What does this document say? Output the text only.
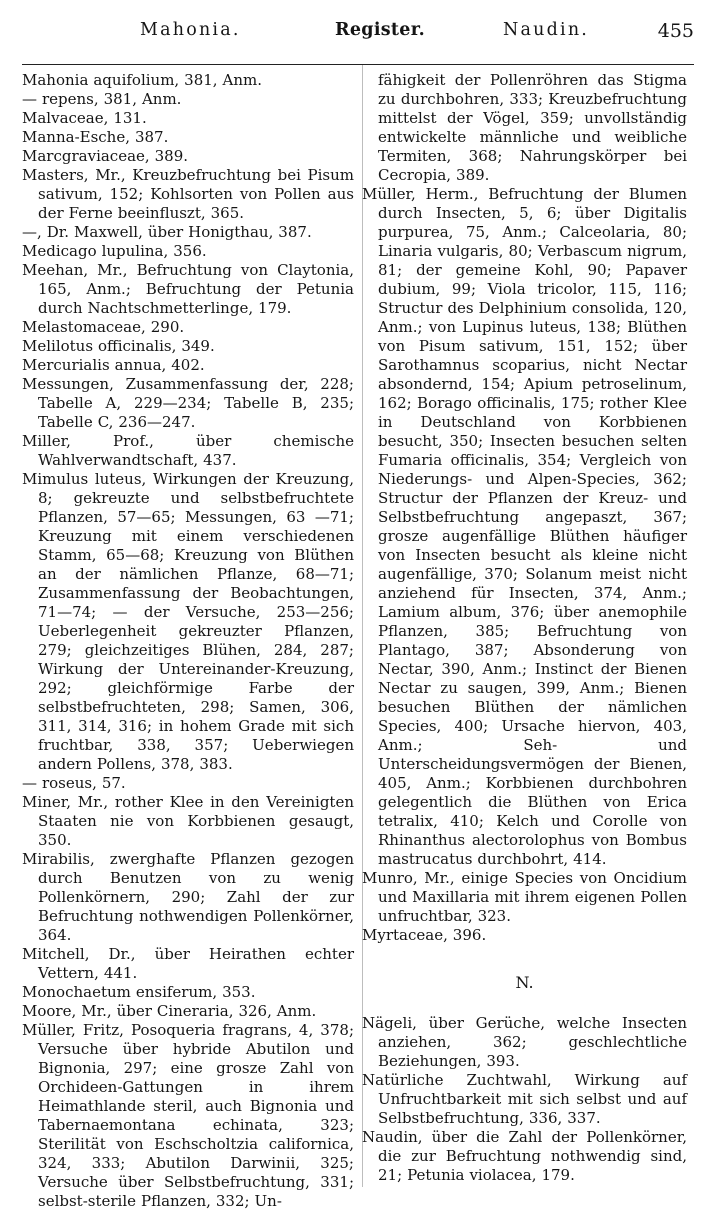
Mahonia.	Register.	Naudin.	455

Mahonia aquifolium, 381, Anm.

— repens, 381, Anm.

Malvaceae, 131.

Manna-Esche, 387.

Marcgraviaceae, 389.

Masters, Mr., Kreuzbefruchtung bei Pisum sativum, 152; Kohlsorten von Pollen aus der Ferne beeinfluszt, 365.

—, Dr. Maxwell, über Honigthau, 387.

Medicago lupulina, 356.

Meehan, Mr., Befruchtung von Claytonia, 165, Anm.; Befruchtung der Petunia durch Nachtschmetterlinge, 179.

Melastomaceae, 290.

Melilotus officinalis, 349.

Mercurialis annua, 402.

Messungen, Zusammenfassung der, 228; Tabelle A, 229—234; Tabelle B, 235; Tabelle C, 236—247.

Miller, Prof., über chemische Wahlverwandtschaft, 437.

Mimulus luteus, Wirkungen der Kreuzung, 8; gekreuzte und selbstbefruchtete Pflanzen, 57—65; Messungen, 63 —71; Kreuzung mit einem verschiedenen Stamm, 65—68; Kreuzung von Blüthen an der nämlichen Pflanze, 68—71; Zusammenfassung der Beobachtungen, 71—74; — der Versuche, 253—256; Ueberlegenheit gekreuzter Pflanzen, 279; gleichzeitiges Blühen, 284, 287; Wirkung der Untereinander-Kreuzung, 292; gleichförmige Farbe der selbstbefruchteten, 298; Samen, 306, 311, 314, 316; in hohem Grade mit sich fruchtbar, 338, 357; Ueberwiegen andern Pollens, 378, 383.

— roseus, 57.

Miner, Mr., rother Klee in den Vereinigten Staaten nie von Korbbienen gesaugt, 350.

Mirabilis, zwerghafte Pflanzen gezogen durch Benutzen von zu wenig Pollenkörnern, 290; Zahl der zur Befruchtung nothwendigen Pollenkörner, 364.

Mitchell, Dr., über Heirathen echter Vettern, 441.

Monochaetum ensiferum, 353.

Moore, Mr., über Cineraria, 326, Anm.

Müller, Fritz, Posoqueria fragrans, 4, 378; Versuche über hybride Abutilon und Bignonia, 297; eine grosze Zahl von Orchideen-Gattungen in ihrem Heimathlande steril, auch Bignonia und Tabernaemontana echinata, 323; Sterilität von Eschscholtzia californica, 324, 333; Abutilon Darwinii, 325; Versuche über Selbstbefruchtung, 331; selbst-sterile Pflanzen, 332; Un-

fähigkeit der Pollenröhren das Stigma zu durchbohren, 333; Kreuzbefruchtung mittelst der Vögel, 359; unvollständig entwickelte männliche und weibliche Termiten, 368; Nahrungskörper bei Cecropia, 389.

Müller, Herm., Befruchtung der Blumen durch Insecten, 5, 6; über Digitalis purpurea, 75, Anm.; Calceolaria, 80; Linaria vulgaris, 80; Verbascum nigrum, 81; der gemeine Kohl, 90; Papaver dubium, 99; Viola tricolor, 115, 116; Structur des Delphinium consolida, 120, Anm.; von Lupinus luteus, 138; Blüthen von Pisum sativum, 151, 152; über Sarothamnus scoparius, nicht Nectar absondernd, 154; Apium petroselinum, 162; Borago officinalis, 175; rother Klee in Deutschland von Korbbienen besucht, 350; Insecten besuchen selten Fumaria officinalis, 354; Vergleich von Niederungs- und Alpen-Species, 362; Structur der Pflanzen der Kreuz- und Selbstbefruchtung angepaszt, 367; grosze augenfällige Blüthen häufiger von Insecten besucht als kleine nicht augenfällige, 370; Solanum meist nicht anziehend für Insecten, 374, Anm.; Lamium album, 376; über anemophile Pflanzen, 385; Befruchtung von Plantago, 387; Absonderung von Nectar, 390, Anm.; Instinct der Bienen Nectar zu saugen, 399, Anm.; Bienen besuchen Blüthen der nämlichen Species, 400; Ursache hiervon, 403, Anm.; Seh- und Unterscheidungsvermögen der Bienen, 405, Anm.; Korbbienen durchbohren gelegentlich die Blüthen von Erica tetralix, 410; Kelch und Corolle von Rhinanthus alectorolophus von Bombus mastrucatus durchbohrt, 414.

Munro, Mr., einige Species von Oncidium und Maxillaria mit ihrem eigenen Pollen unfruchtbar, 323.

Myrtaceae, 396.

N.

Nägeli, über Gerüche, welche Insecten anziehen, 362; geschlechtliche Beziehungen, 393.

Natürliche Zuchtwahl, Wirkung auf Unfruchtbarkeit mit sich selbst und auf Selbstbefruchtung, 336, 337.

Naudin, über die Zahl der Pollenkörner, die zur Befruchtung nothwendig sind, 21; Petunia violacea, 179.
